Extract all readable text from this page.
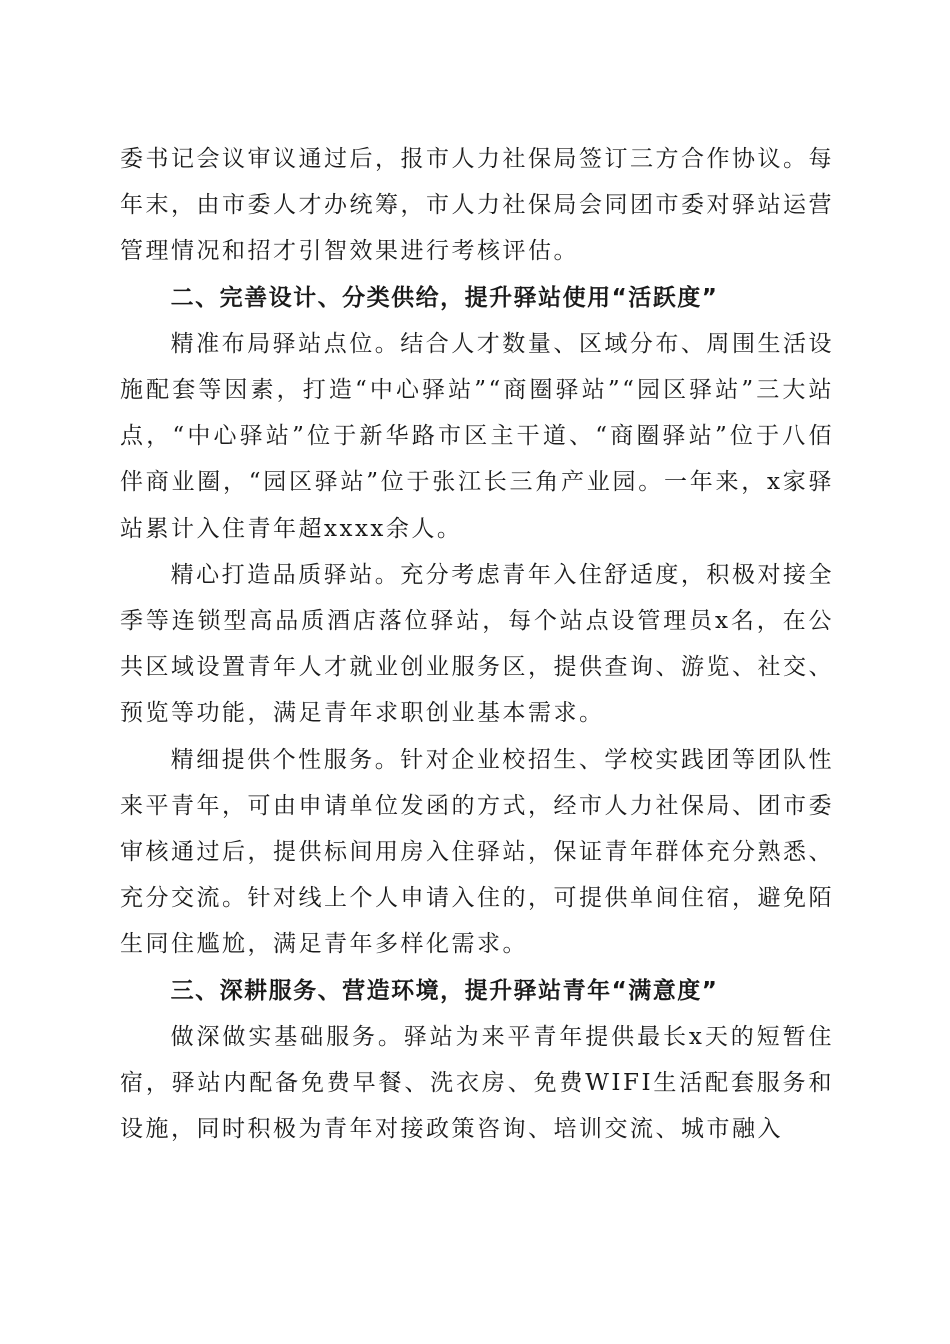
委书记会议审议通过后，报市人力社保局签订三方合作协议。每年末，由市委人才办统筹，市人力社保局会同团市委对驿站运营管理情况和招才引智效果进行考核评估。

二、完善设计、分类供给，提升驿站使用“活跃度”

精准布局驿站点位。结合人才数量、区域分布、周围生活设施配套等因素，打造“中心驿站”“商圈驿站”“园区驿站”三大站点，“中心驿站”位于新华路市区主干道、“商圈驿站”位于八佰伴商业圈，“园区驿站”位于张江长三角产业园。一年来，x家驿站累计入住青年超xxxx余人。

精心打造品质驿站。充分考虑青年入住舒适度，积极对接全季等连锁型高品质酒店落位驿站，每个站点设管理员x名，在公共区域设置青年人才就业创业服务区，提供查询、游览、社交、预览等功能，满足青年求职创业基本需求。

精细提供个性服务。针对企业校招生、学校实践团等团队性来平青年，可由申请单位发函的方式，经市人力社保局、团市委审核通过后，提供标间用房入住驿站，保证青年群体充分熟悉、充分交流。针对线上个人申请入住的，可提供单间住宿，避免陌生同住尴尬，满足青年多样化需求。

三、深耕服务、营造环境，提升驿站青年“满意度”

做深做实基础服务。驿站为来平青年提供最长x天的短暂住宿，驿站内配备免费早餐、洗衣房、免费WIFI生活配套服务和设施，同时积极为青年对接政策咨询、培训交流、城市融入
